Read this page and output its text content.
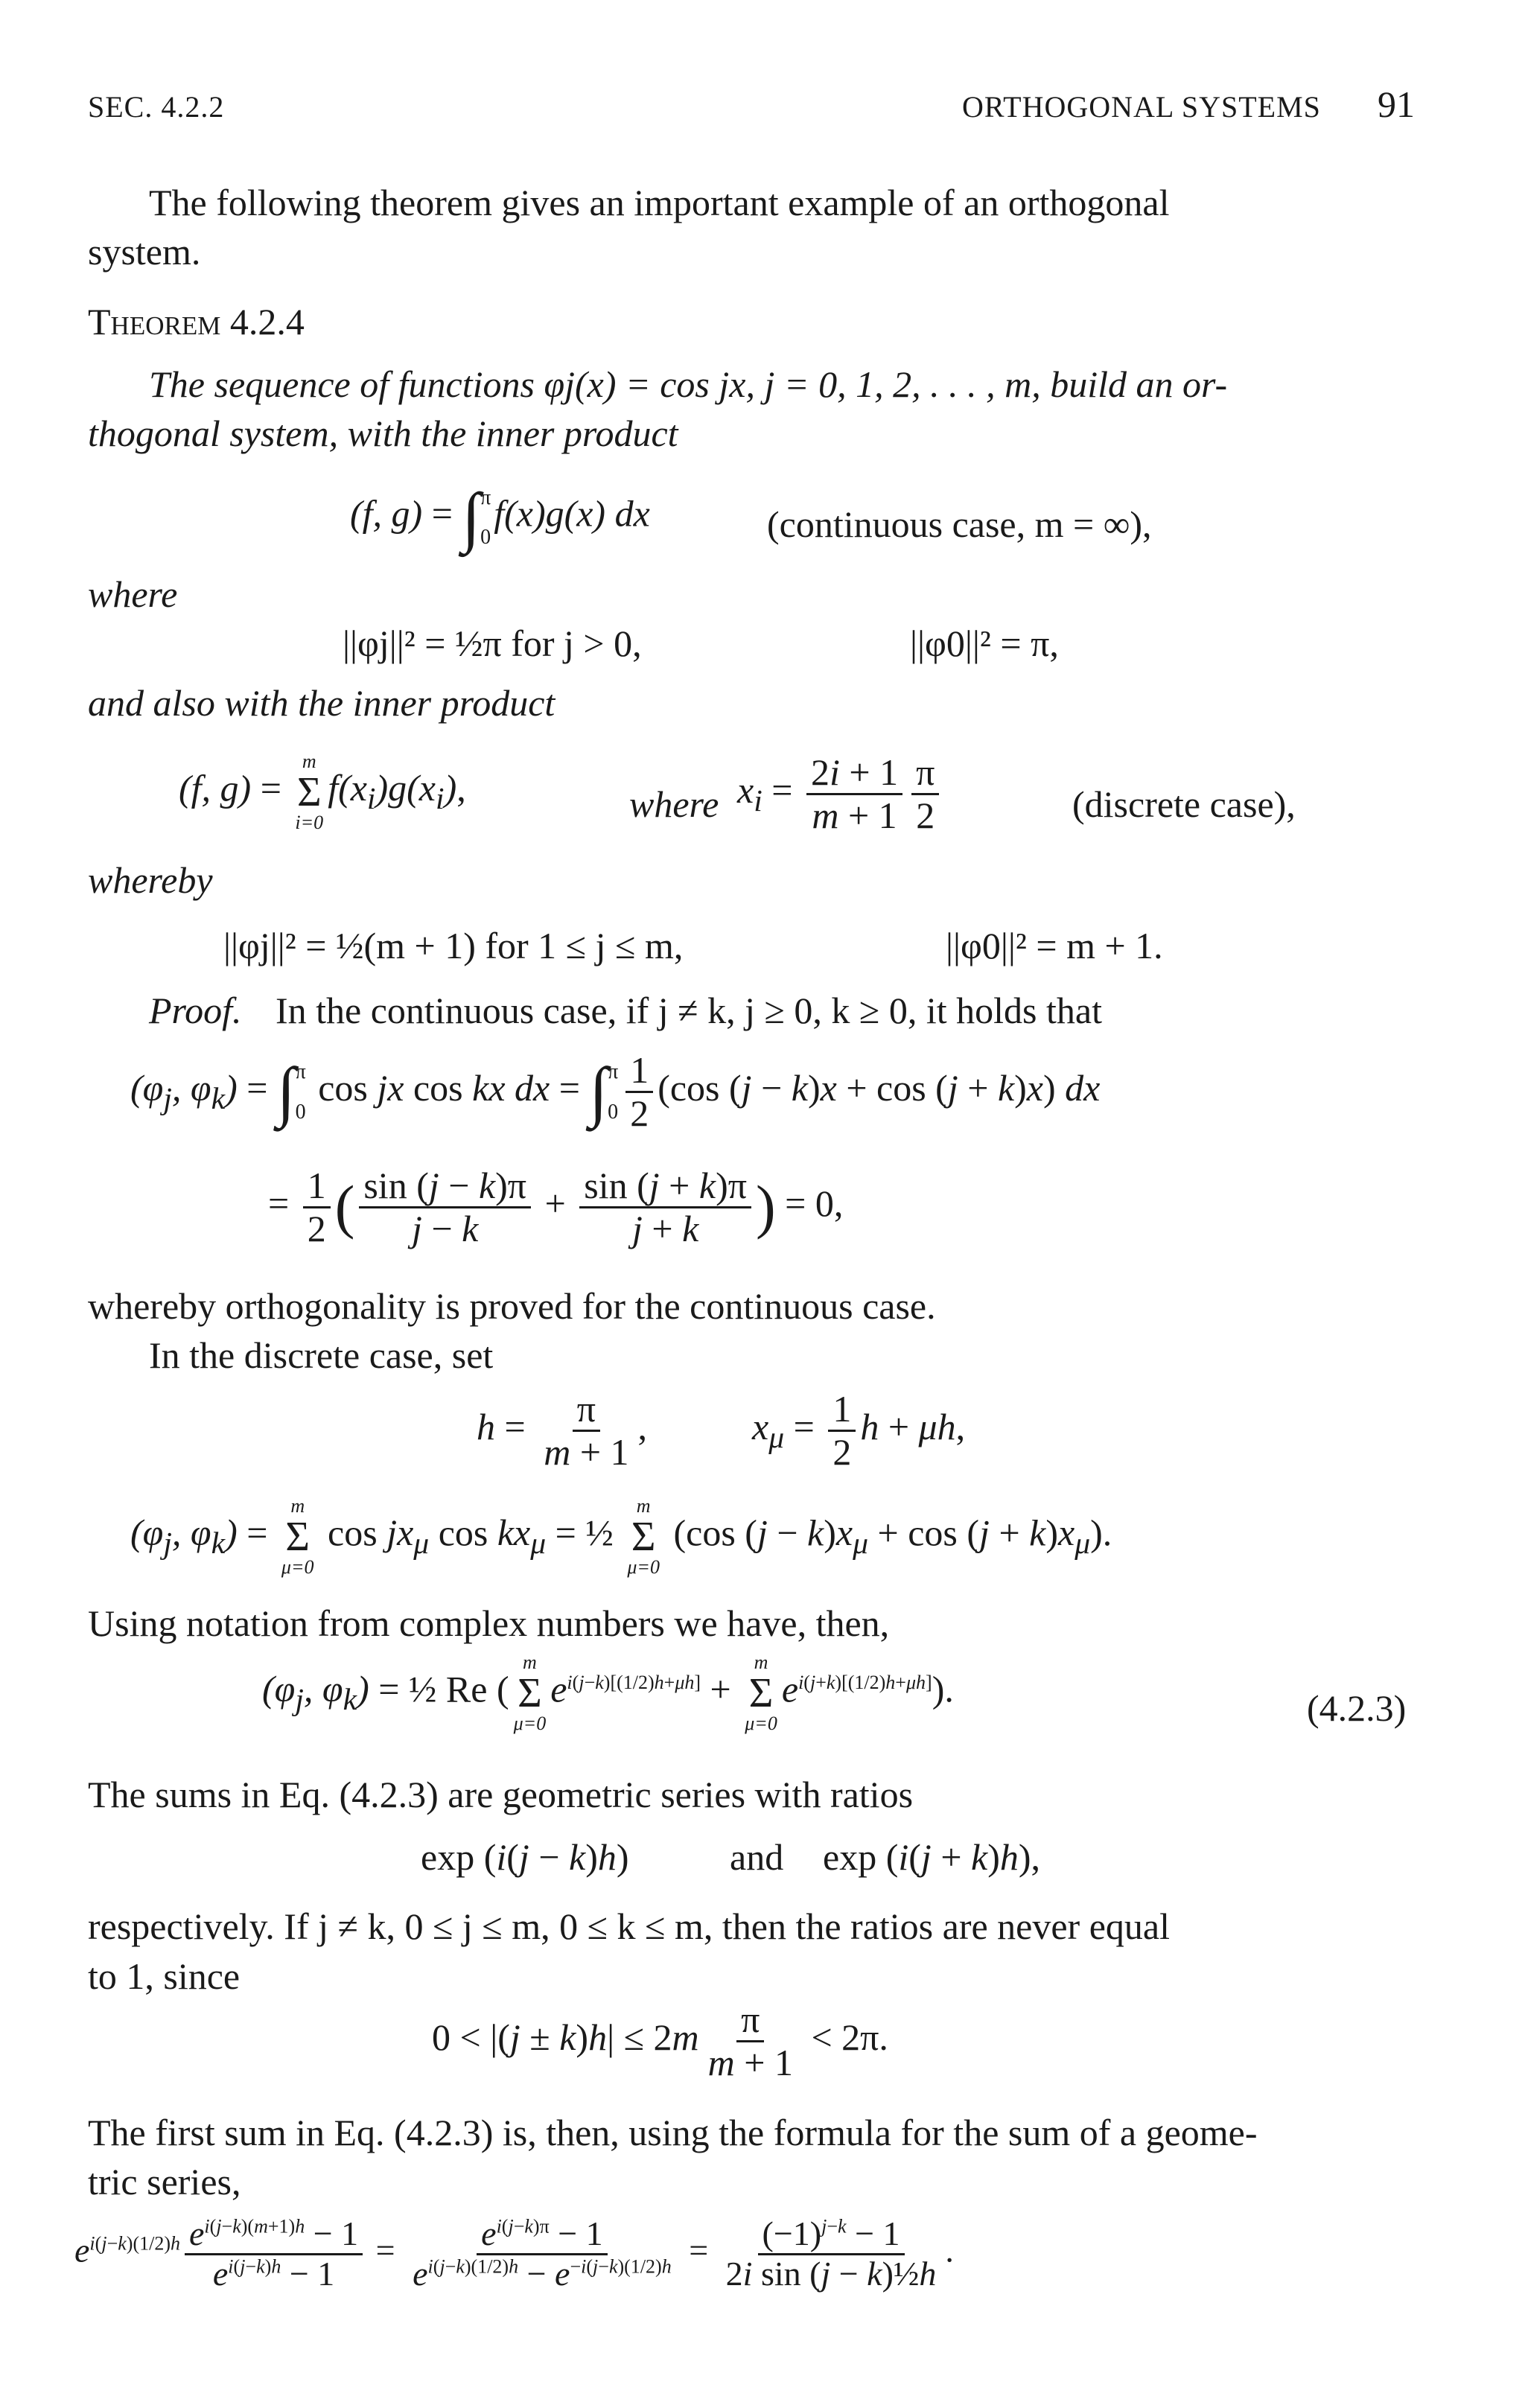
SEC. 4.2.2	ORTHOGONAL SYSTEMS 91
The following theorem gives an important example of an orthogonal
system.
Theorem 4.2.4
The sequence of functions φj(x) = cos jx, j = 0, 1, 2, . . . , m, build an or-
thogonal system, with the inner product
(f, g) = ∫ π
0
f(x)g(x) dx	(continuous case, m = ∞),
where
||φj||² = ½π for j > 0,	||φ0||² = π,
and also with the inner product
(f, g) =
m
Σ
i=0
$f(x_i)g(x_i)$,	where $x_i = \frac{2i + 1}{m + 1} \frac{\pi}{2}$	(discrete case),
whereby
||φj||² = ½(m + 1) for 1 ≤ j ≤ m,	||φ0||² = m + 1.
Proof. In the continuous case, if j ≠ k, j ≥ 0, k ≥ 0, it holds that
($\varphi_j$, $\varphi_k$) = ∫ π
0
cos jx cos kx dx = ∫ π
$0 \frac{1}{2} (\cos$ (j − k)x + cos (j + k)x) dx
= $\frac{1}{2}$ ( $\frac{\sin (j - k)\pi}{j - k} + \frac{\sin (j + k)\pi}{j + k}$ ) = 0,
whereby orthogonality is proved for the continuous case.
In the discrete case, set
$h = \frac{\pi}{m + 1}$ ,	$x_\mu = \frac{1}{2}$ h + μh,
($\varphi_j$, $\varphi_k$) =
m
Σ
μ=0
$\cos jx_\mu$ $\cos kx_\mu$ = ½
m
Σ
μ=0
(cos $(j - k)x_\mu + \cos (j + k)x_\mu$).
Using notation from complex numbers we have, then,
($\varphi_j$, $\varphi_k$) = ½ Re (
m
Σ
μ=0
$e^{i(j-k)[(1/2)h+\mu h]}$ +
m
Σ
μ=0
$e^{i(j+k)[(1/2)h+\mu h]}$).	(4.2.3)
The sums in Eq. (4.2.3) are geometric series with ratios
exp (i(j − k)h)	and exp (i(j + k)h),
respectively. If j ≠ k, 0 ≤ j ≤ m, 0 ≤ k ≤ m, then the ratios are never equal
to 1, since
$0 < |(j \pm k)h| \le 2m \frac{\pi}{m + 1} < 2\pi$.
The first sum in Eq. (4.2.3) is, then, using the formula for the sum of a geome-
tric series,
$e^{i(j-k)(1/2)h} \frac{e^{i(j-k)(m+1)h} - 1}{e^{i(j-k)h} - 1} = \frac{e^{i(j-k)\pi} - 1}{e^{i(j-k)(1/2)h} - e^{-i(j-k)(1/2)h}} = \frac{(-1)^{j-k} - 1}{\text{2i sin (j − k)½h}}$ .
